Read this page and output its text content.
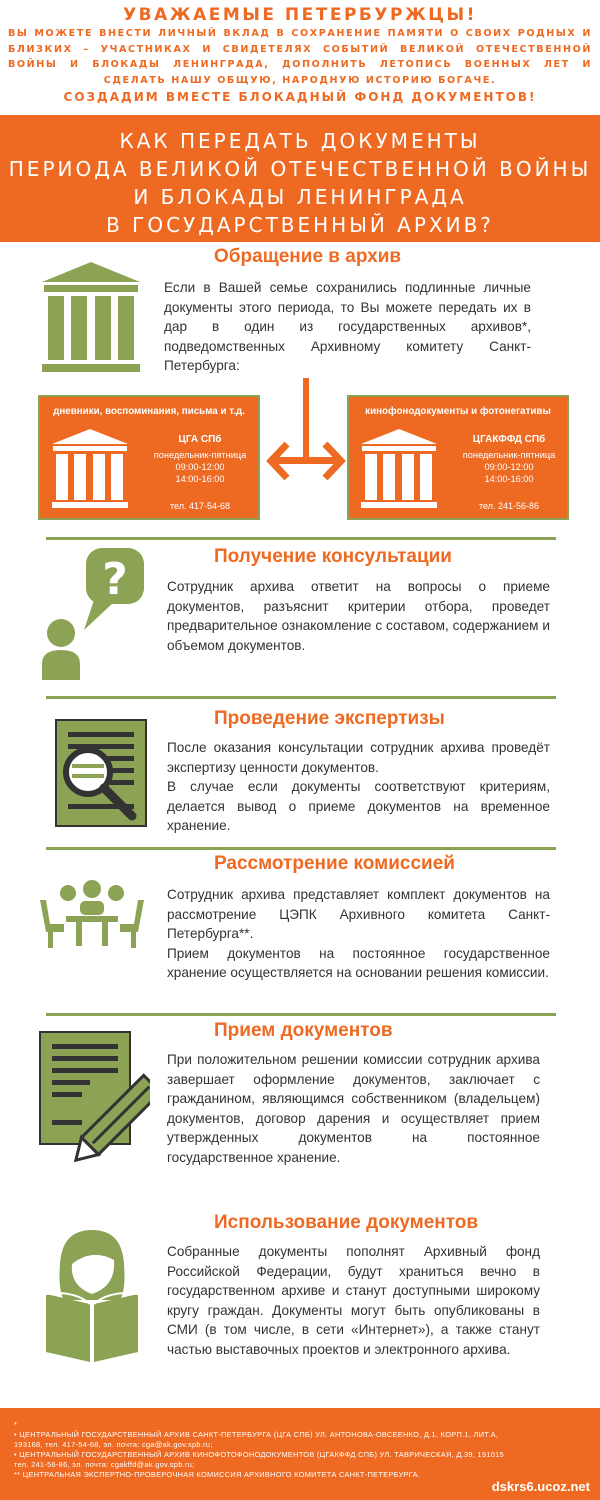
УВАЖАЕМЫЕ ПЕТЕРБУРЖЦЫ!
ВЫ МОЖЕТЕ ВНЕСТИ ЛИЧНЫЙ ВКЛАД В СОХРАНЕНИЕ ПАМЯТИ О СВОИХ РОДНЫХ И БЛИЗКИХ – УЧАСТНИКАХ И СВИДЕТЕЛЯХ СОБЫТИЙ ВЕЛИКОЙ ОТЕЧЕСТВЕННОЙ ВОЙНЫ И БЛОКАДЫ ЛЕНИНГРАДА, ДОПОЛНИТЬ ЛЕТОПИСЬ ВОЕННЫХ ЛЕТ И СДЕЛАТЬ НАШУ ОБЩУЮ, НАРОДНУЮ ИСТОРИЮ БОГАЧЕ.
СОЗДАДИМ ВМЕСТЕ БЛОКАДНЫЙ ФОНД ДОКУМЕНТОВ!
КАК ПЕРЕДАТЬ ДОКУМЕНТЫ
ПЕРИОДА ВЕЛИКОЙ ОТЕЧЕСТВЕННОЙ ВОЙНЫ
И БЛОКАДЫ ЛЕНИНГРАДА
В ГОСУДАРСТВЕННЫЙ АРХИВ?
Обращение в архив
Если в Вашей семье сохранились подлинные личные документы этого периода, то Вы можете передать их в дар в один из государственных архивов*, подведомственных Архивному комитету Санкт-Петербурга:
дневники, воспоминания, письма и т.д.
ЦГА СПб
понедельник-пятница
09:00-12:00
14:00-16:00
тел. 417-54-68
кинофонодокументы и фотонегативы
ЦГАКФФД СПб
понедельник-пятница
09:00-12:00
14:00-16:00
тел. 241-56-86
Получение консультации
?	Сотрудник архива ответит на вопросы о приеме документов, разъяснит критерии отбора, проведет предварительное ознакомление с составом, содержанием и объемом документов.
Проведение экспертизы
После оказания консультации сотрудник архива проведёт экспертизу ценности документов.
В случае если документы соответствуют критериям, делается вывод о приеме документов на временное хранение.
Рассмотрение комиссией
Сотрудник архива представляет комплект документов на рассмотрение ЦЭПК Архивного комитета Санкт-Петербурга**.
Прием документов на постоянное государственное хранение осуществляется на основании решения комиссии.
Прием документов
При положительном решении комиссии сотрудник архива завершает оформление документов, заключает с гражданином, являющимся собственником (владельцем) документов, договор дарения и осуществляет прием утвержденных документов на постоянное государственное хранение.
Использование документов
Собранные документы пополнят Архивный фонд Российской Федерации, будут храниться вечно в государственном архиве и станут доступными широкому кругу граждан. Документы могут быть опубликованы в СМИ (в том числе, в сети «Интернет»), а также станут частью выставочных проектов и электронного архива.
*
• ЦЕНТРАЛЬНЫЙ ГОСУДАРСТВЕННЫЙ АРХИВ САНКТ-ПЕТЕРБУРГА (ЦГА СПБ) УЛ. АНТОНОВА-ОВСЕЕНКО, Д.1, КОРП.1, ЛИТ.А,
193168, тел. 417-54-68, эл. почта: cga@ak.gov.spb.ru;
• ЦЕНТРАЛЬНЫЙ ГОСУДАРСТВЕННЫЙ АРХИВ КИНОФОТОФОНОДОКУМЕНТОВ (ЦГАКФФД СПБ) УЛ. ТАВРИЧЕСКАЯ, Д.39, 191015
тел. 241-56-86, эл. почта: cgakffd@ak.gov.spb.ru;
** ЦЕНТРАЛЬНАЯ ЭКСПЕРТНО-ПРОВЕРОЧНАЯ КОМИССИЯ АРХИВНОГО КОМИТЕТА САНКТ-ПЕТЕРБУРГА.
dskrs6.ucoz.net
